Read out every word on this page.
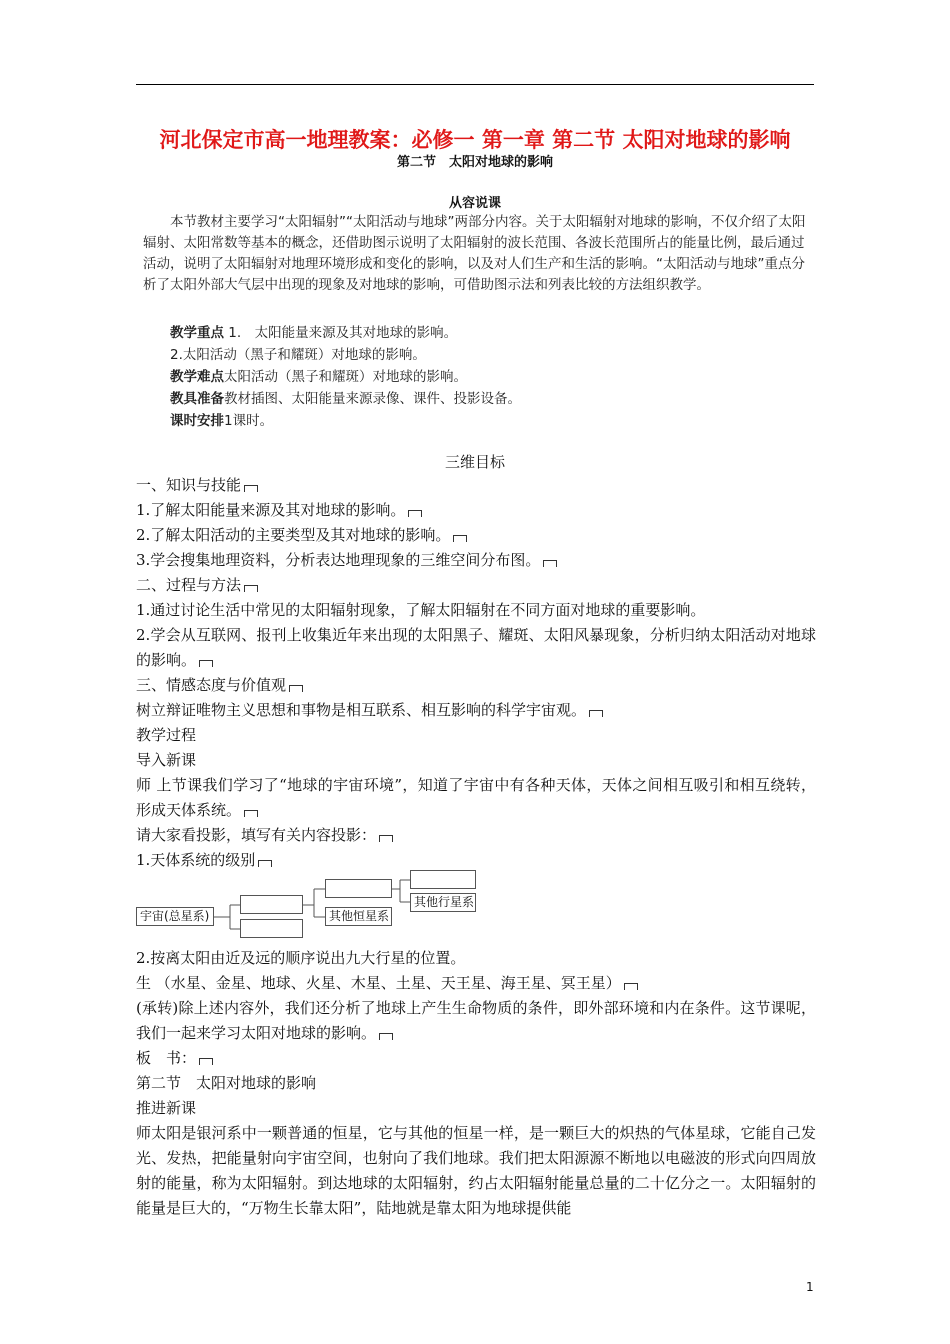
河北保定市高一地理教案：必修一 第一章 第二节 太阳对地球的影响
第二节　太阳对地球的影响
从容说课
本节教材主要学习“太阳辐射”“太阳活动与地球”两部分内容。关于太阳辐射对地球的影响，不仅介绍了太阳辐射、太阳常数等基本的概念，还借助图示说明了太阳辐射的波长范围、各波长范围所占的能量比例，最后通过活动，说明了太阳辐射对地理环境形成和变化的影响，以及对人们生产和生活的影响。“太阳活动与地球”重点分析了太阳外部大气层中出现的现象及对地球的影响，可借助图示法和列表比较的方法组织教学。
教学重点 1.　太阳能量来源及其对地球的影响。
2.太阳活动（黑子和耀斑）对地球的影响。
教学难点太阳活动（黑子和耀斑）对地球的影响。
教具准备教材插图、太阳能量来源录像、课件、投影设备。
课时安排1课时。
三维目标
一、知识与技能
1.了解太阳能量来源及其对地球的影响。
2.了解太阳活动的主要类型及其对地球的影响。
3.学会搜集地理资料，分析表达地理现象的三维空间分布图。
二、过程与方法
1.通过讨论生活中常见的太阳辐射现象，了解太阳辐射在不同方面对地球的重要影响。
2.学会从互联网、报刊上收集近年来出现的太阳黑子、耀斑、太阳风暴现象，分析归纳太阳活动对地球的影响。
三、情感态度与价值观
树立辩证唯物主义思想和事物是相互联系、相互影响的科学宇宙观。
教学过程
导入新课
师 上节课我们学习了“地球的宇宙环境”，知道了宇宙中有各种天体，天体之间相互吸引和相互绕转，形成天体系统。
请大家看投影，填写有关内容投影：
1.天体系统的级别
宇宙(总星系)	其他恒星系
其他行星系
2.按离太阳由近及远的顺序说出九大行星的位置。
生 （水星、金星、地球、火星、木星、土星、天王星、海王星、冥王星）
(承转)除上述内容外，我们还分析了地球上产生生命物质的条件，即外部环境和内在条件。这节课呢，我们一起来学习太阳对地球的影响。
板　书：
第二节　太阳对地球的影响
推进新课
师太阳是银河系中一颗普通的恒星，它与其他的恒星一样，是一颗巨大的炽热的气体星球，它能自己发光、发热，把能量射向宇宙空间，也射向了我们地球。我们把太阳源源不断地以电磁波的形式向四周放射的能量，称为太阳辐射。到达地球的太阳辐射，约占太阳辐射能量总量的二十亿分之一。太阳辐射的能量是巨大的，“万物生长靠太阳”，陆地就是靠太阳为地球提供能
1
